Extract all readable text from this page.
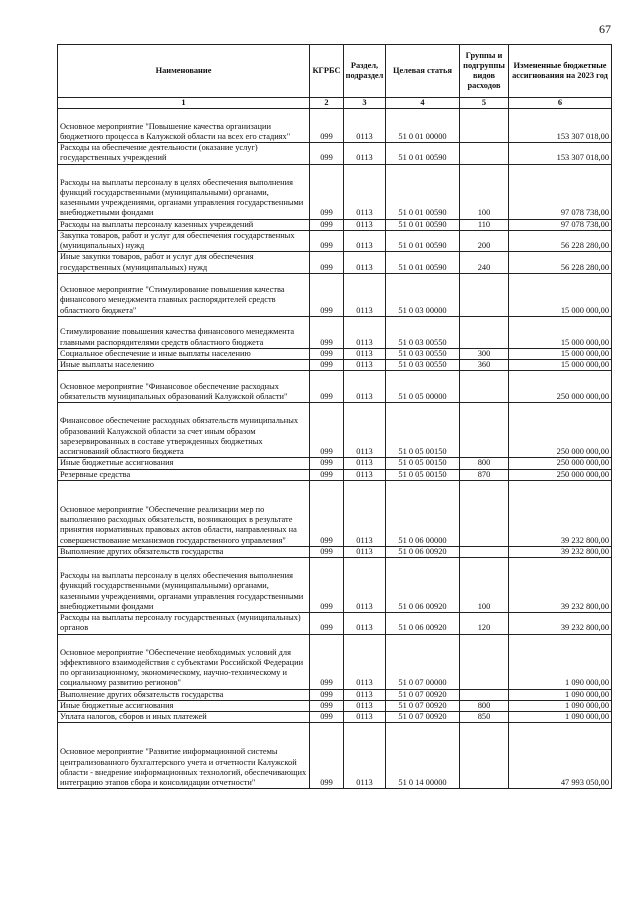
67
Наименование	КГРБС	Раздел, подраздел	Целевая статья	Группы и подгруппы видов расходов	Измененные бюджетные ассигнования на 2023 год
1	2	3	4	5	6
Основное мероприятие "Повышение качества организации бюджетного процесса в Калужской области на всех его стадиях"	099	0113	51 0 01 00000		153 307 018,00
Расходы на обеспечение деятельности (оказание услуг) государственных учреждений	099	0113	51 0 01 00590		153 307 018,00
Расходы на выплаты персоналу в целях обеспечения выполнения функций государственными (муниципальными) органами, казенными учреждениями, органами управления государственными внебюджетными фондами	099	0113	51 0 01 00590	100	97 078 738,00
Расходы на выплаты персоналу казенных учреждений	099	0113	51 0 01 00590	110	97 078 738,00
Закупка товаров, работ и услуг для обеспечения государственных (муниципальных) нужд	099	0113	51 0 01 00590	200	56 228 280,00
Иные закупки товаров, работ и услуг для обеспечения государственных (муниципальных) нужд	099	0113	51 0 01 00590	240	56 228 280,00
Основное мероприятие "Стимулирование повышения качества финансового менеджмента главных распорядителей средств областного бюджета"	099	0113	51 0 03 00000		15 000 000,00
Стимулирование повышения качества финансового менеджмента главными распорядителями средств областного бюджета	099	0113	51 0 03 00550		15 000 000,00
Социальное обеспечение и иные выплаты населению	099	0113	51 0 03 00550	300	15 000 000,00
Иные выплаты населению	099	0113	51 0 03 00550	360	15 000 000,00
Основное мероприятие "Финансовое обеспечение расходных обязательств муниципальных образований Калужской области"	099	0113	51 0 05 00000		250 000 000,00
Финансовое обеспечение расходных обязательств муниципальных образований Калужской области за счет иным образом зарезервированных в составе утвержденных бюджетных ассигнований областного бюджета	099	0113	51 0 05 00150		250 000 000,00
Иные бюджетные ассигнования	099	0113	51 0 05 00150	800	250 000 000,00
Резервные средства	099	0113	51 0 05 00150	870	250 000 000,00
Основное мероприятие "Обеспечение реализации мер по выполнению расходных обязательств, возникающих в результате принятия нормативных правовых актов области, направленных на совершенствование механизмов государственного управления"	099	0113	51 0 06 00000		39 232 800,00
Выполнение других обязательств государства	099	0113	51 0 06 00920		39 232 800,00
Расходы на выплаты персоналу в целях обеспечения выполнения функций государственными (муниципальными) органами, казенными учреждениями, органами управления государственными внебюджетными фондами	099	0113	51 0 06 00920	100	39 232 800,00
Расходы на выплаты персоналу государственных (муниципальных) органов	099	0113	51 0 06 00920	120	39 232 800,00
Основное мероприятие "Обеспечение необходимых условий для эффективного взаимодействия с субъектами Российской Федерации по организационному, экономическому, научно-техническому и социальному развитию регионов"	099	0113	51 0 07 00000		1 090 000,00
Выполнение других обязательств государства	099	0113	51 0 07 00920		1 090 000,00
Иные бюджетные ассигнования	099	0113	51 0 07 00920	800	1 090 000,00
Уплата налогов, сборов и иных платежей	099	0113	51 0 07 00920	850	1 090 000,00
Основное мероприятие "Развитие информационной системы централизованного бухгалтерского учета и отчетности Калужской области - внедрение информационных технологий, обеспечивающих интеграцию этапов сбора и консолидации отчетности"	099	0113	51 0 14 00000		47 993 050,00
